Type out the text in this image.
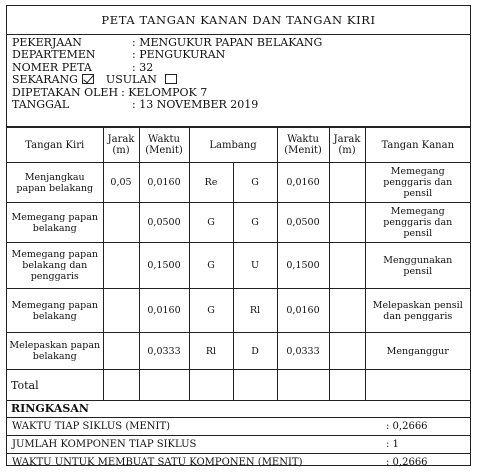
PETA TANGAN KANAN DAN TANGAN KIRI
PEKERJAAN	: MENGUKUR PAPAN BELAKANG
DEPARTEMEN	: PENGUKURAN
NOMER PETA	: 32
SEKARANG	USULAN
DIPETAKAN OLEH : KELOMPOK 7
TANGGAL	: 13 NOVEMBER 2019
Tangan Kiri	Jarak (m)	Waktu (Menit)	Lambang		Waktu (Menit)	Jarak (m)	Tangan Kanan
Menjangkau papan belakang	0,05	0,0160	Re	G	0,0160		Memegang penggaris dan pensil
Memegang papan belakang		0,0500	G	G	0,0500		Memegang penggaris dan pensil
Memegang papan belakang dan penggaris		0,1500	G	U	0,1500		Menggunakan pensil
Memegang papan belakang		0,0160	G	Rl	0,0160		Melepaskan pensil dan penggaris
Melepaskan papan belakang		0,0333	Rl	D	0,0333		Menganggur
Total							
RINGKASAN
WAKTU TIAP SIKLUS (MENIT)	: 0,2666
JUMLAH KOMPONEN TIAP SIKLUS	: 1
WAKTU UNTUK MEMBUAT SATU KOMPONEN (MENIT)	: 0,2666
